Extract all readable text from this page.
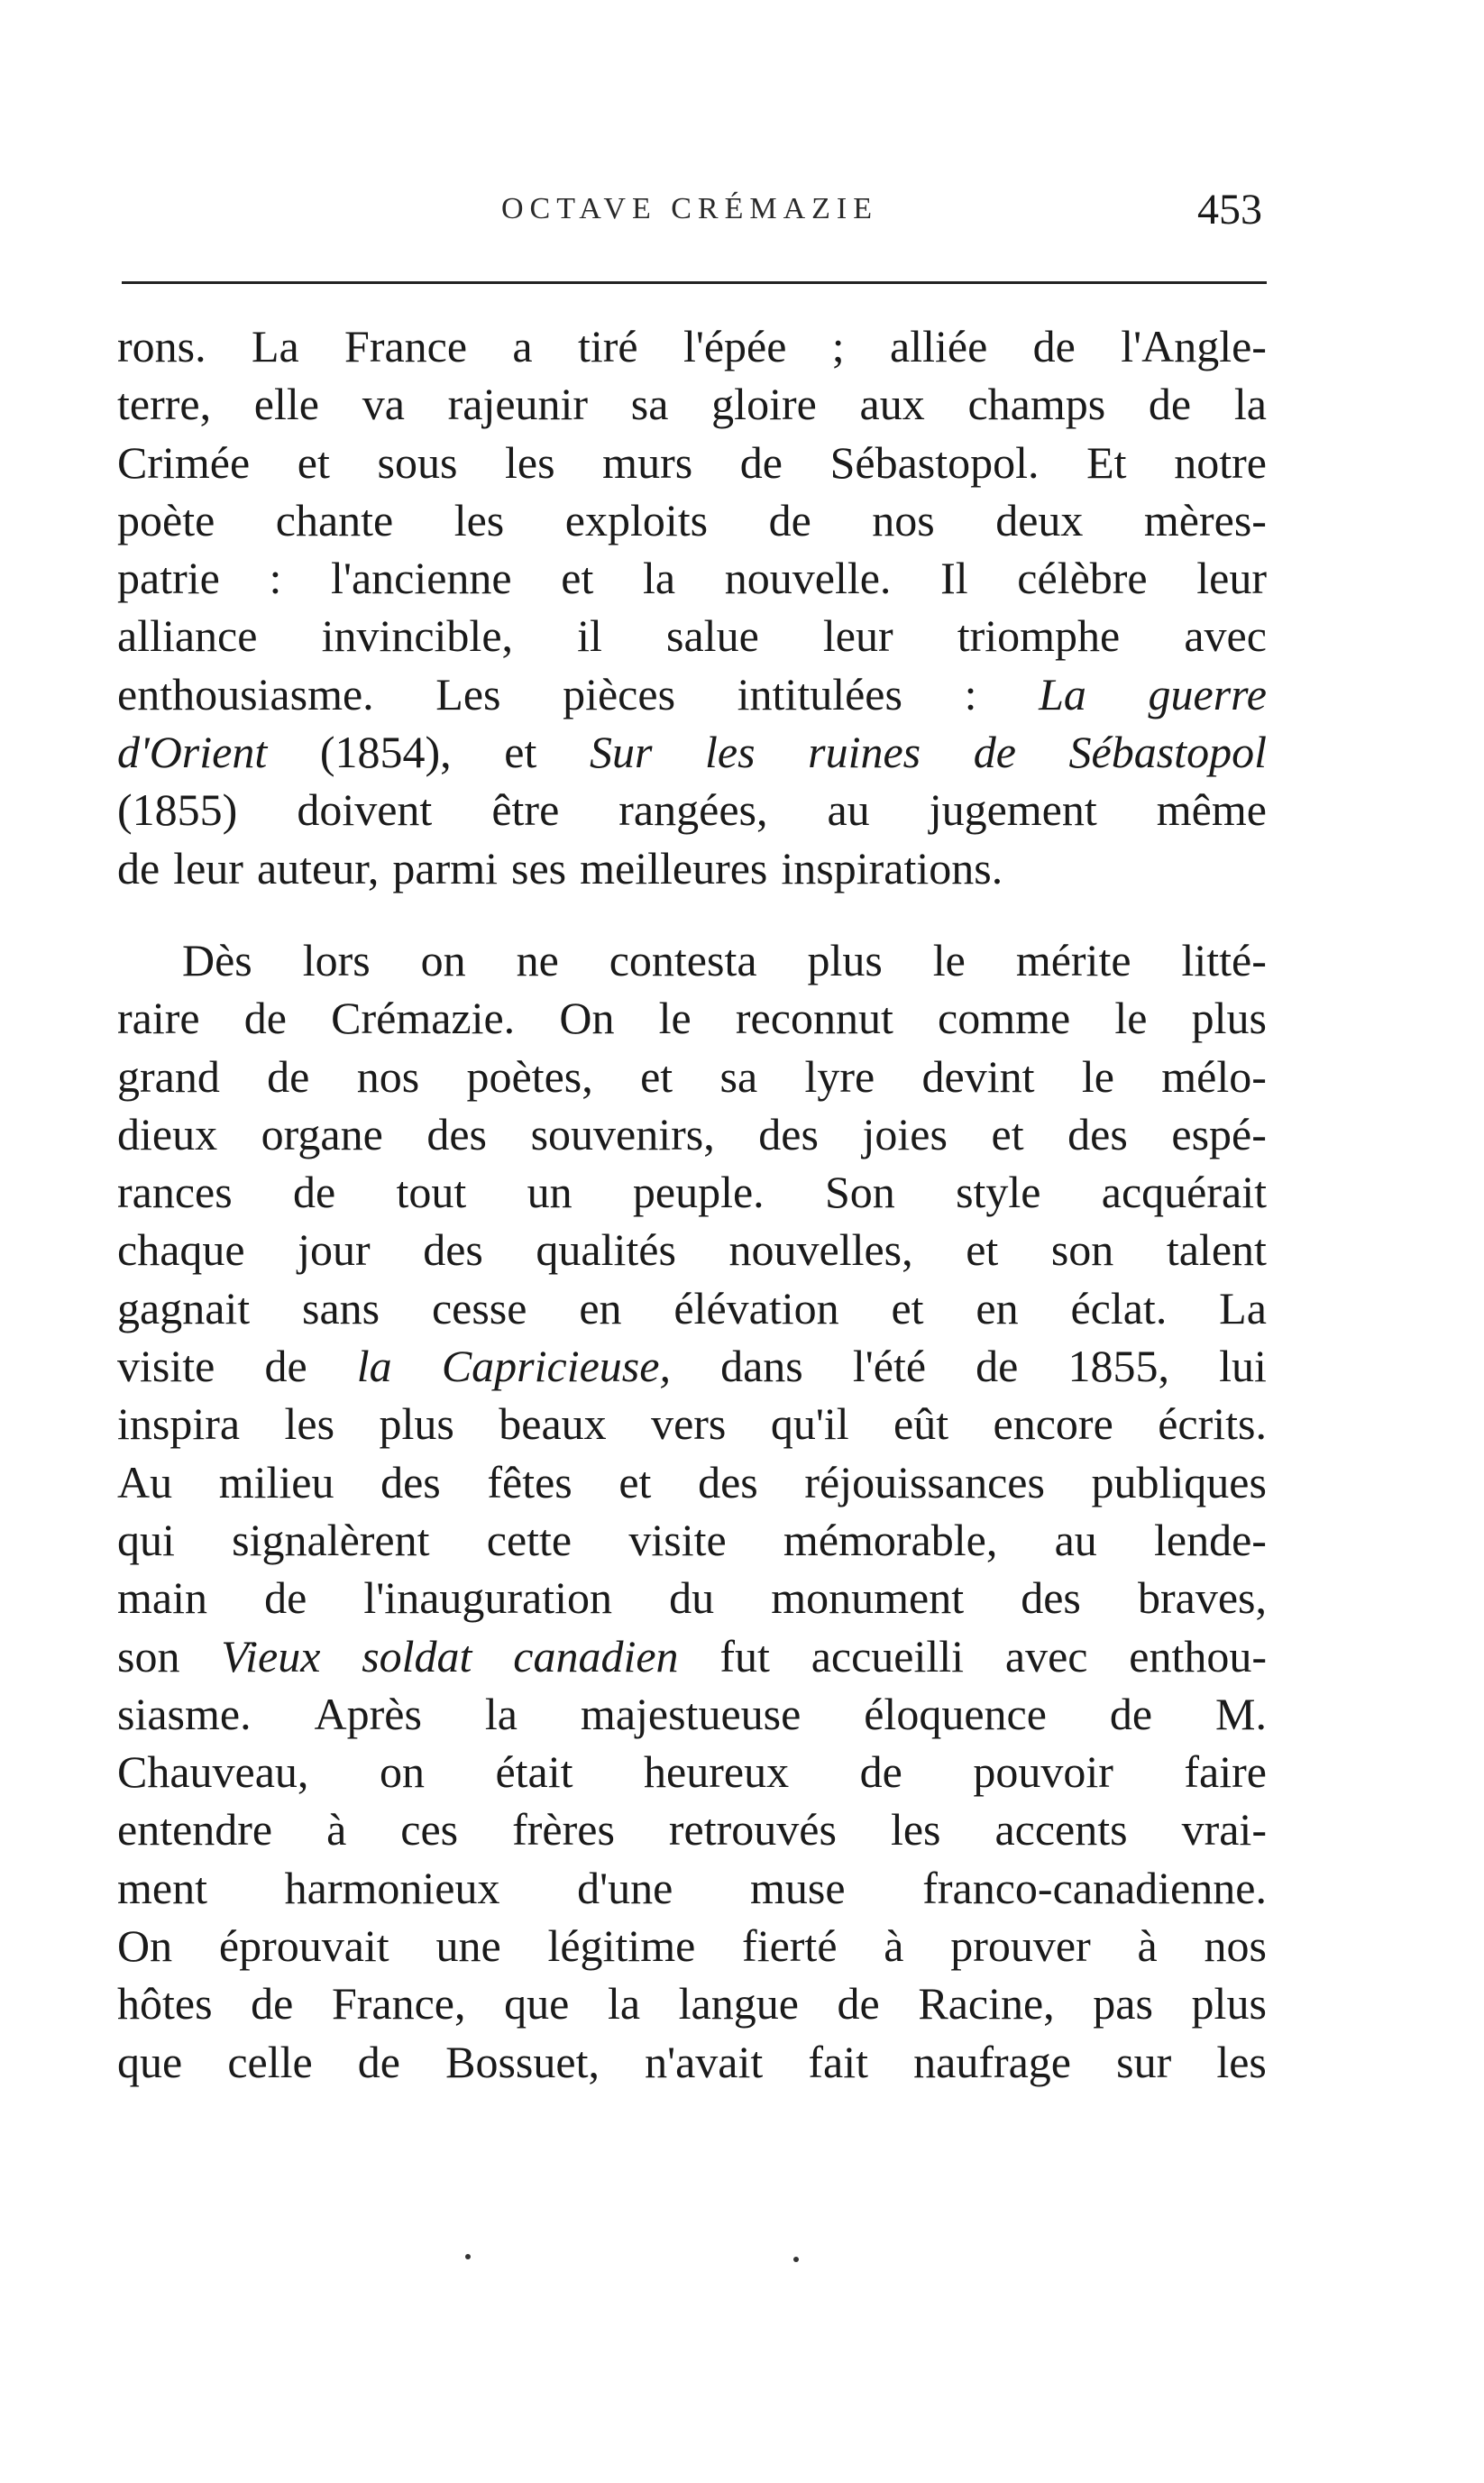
OCTAVE CRÉMAZIE	453
rons. La France a tiré l'épée ; alliée de l'Angle-
terre, elle va rajeunir sa gloire aux champs de la
Crimée et sous les murs de Sébastopol. Et notre
poète chante les exploits de nos deux mères-
patrie : l'ancienne et la nouvelle. Il célèbre leur
alliance invincible, il salue leur triomphe avec
enthousiasme. Les pièces intitulées : La guerre
d'Orient (1854), et Sur les ruines de Sébastopol
(1855) doivent être rangées, au jugement même
de leur auteur, parmi ses meilleures inspirations.
Dès lors on ne contesta plus le mérite litté-
raire de Crémazie. On le reconnut comme le plus
grand de nos poètes, et sa lyre devint le mélo-
dieux organe des souvenirs, des joies et des espé-
rances de tout un peuple. Son style acquérait
chaque jour des qualités nouvelles, et son talent
gagnait sans cesse en élévation et en éclat. La
visite de la Capricieuse, dans l'été de 1855, lui
inspira les plus beaux vers qu'il eût encore écrits.
Au milieu des fêtes et des réjouissances publiques
qui signalèrent cette visite mémorable, au lende-
main de l'inauguration du monument des braves,
son Vieux soldat canadien fut accueilli avec enthou-
siasme. Après la majestueuse éloquence de M.
Chauveau, on était heureux de pouvoir faire
entendre à ces frères retrouvés les accents vrai-
ment harmonieux d'une muse franco-canadienne.
On éprouvait une légitime fierté à prouver à nos
hôtes de France, que la langue de Racine, pas plus
que celle de Bossuet, n'avait fait naufrage sur les
